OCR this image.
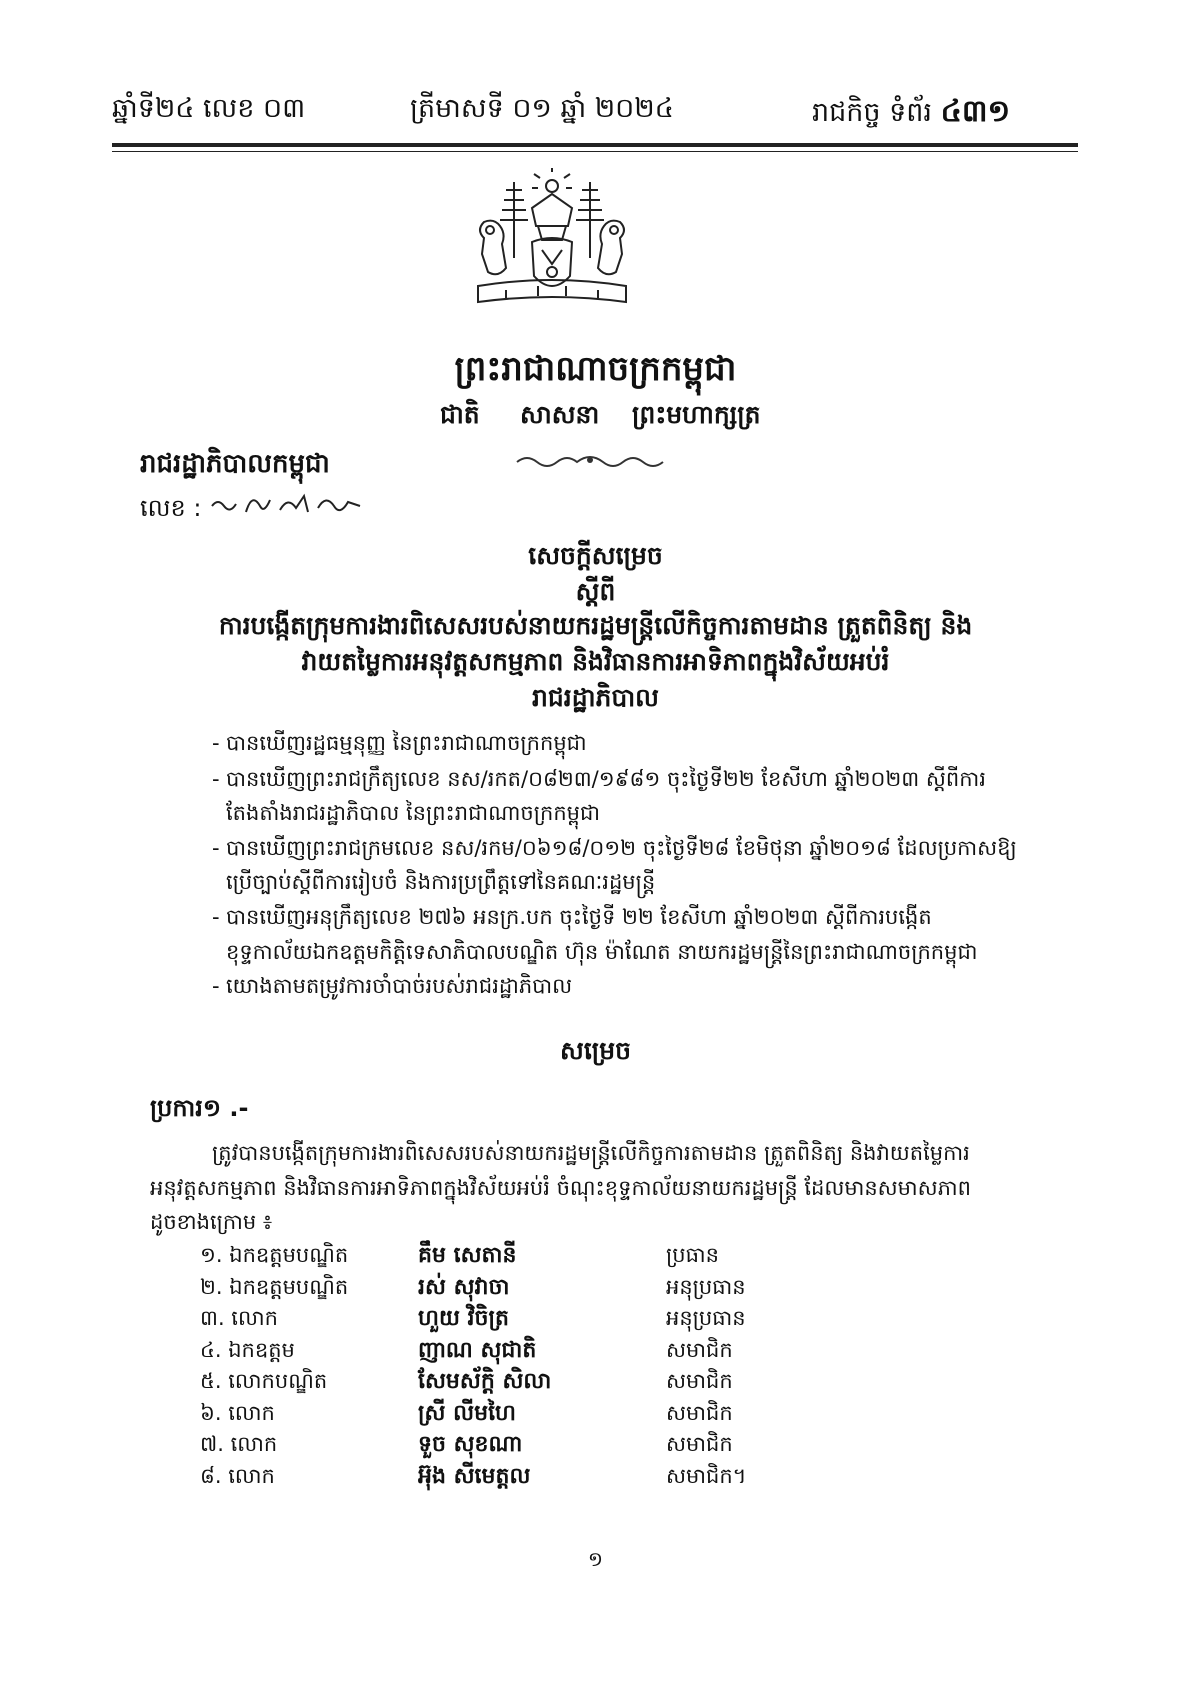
ឆ្នាំទី២៤ លេខ ០៣	ត្រីមាសទី ០១ ឆ្នាំ ២០២៤	រាជកិច្ច ទំព័រ ៤៣១
ព្រះរាជាណាចក្រកម្ពុជា
ជាតិ សាសនា ព្រះមហាក្សត្រ
រាជរដ្ឋាភិបាលកម្ពុជា
លេខ :
សេចក្តីសម្រេច
ស្តីពី
ការបង្កើតក្រុមការងារពិសេសរបស់នាយករដ្ឋមន្ត្រីលើកិច្ចការតាមដាន ត្រួតពិនិត្យ និង
វាយតម្លៃការអនុវត្តសកម្មភាព និងវិធានការអាទិភាពក្នុងវិស័យអប់រំ
រាជរដ្ឋាភិបាល
- បានឃើញរដ្ឋធម្មនុញ្ញ នៃព្រះរាជាណាចក្រកម្ពុជា
- បានឃើញព្រះរាជក្រឹត្យលេខ នស/រកត/០៨២៣/១៩៨១ ចុះថ្ងៃទី២២ ខែសីហា ឆ្នាំ២០២៣ ស្តីពីការ
តែងតាំងរាជរដ្ឋាភិបាល នៃព្រះរាជាណាចក្រកម្ពុជា
- បានឃើញព្រះរាជក្រមលេខ នស/រកម/០៦១៨/០១២ ចុះថ្ងៃទី២៨ ខែមិថុនា ឆ្នាំ២០១៨ ដែលប្រកាសឱ្យ
ប្រើច្បាប់ស្តីពីការរៀបចំ និងការប្រព្រឹត្តទៅនៃគណៈរដ្ឋមន្ត្រី
- បានឃើញអនុក្រឹត្យលេខ ២៧៦ អនក្រ.បក ចុះថ្ងៃទី ២២ ខែសីហា ឆ្នាំ២០២៣ ស្តីពីការបង្កើត
ខុទ្ទកាល័យឯកឧត្តមកិត្តិទេសាភិបាលបណ្ឌិត ហ៊ុន ម៉ាណែត នាយករដ្ឋមន្ត្រីនៃព្រះរាជាណាចក្រកម្ពុជា
- យោងតាមតម្រូវការចាំបាច់របស់រាជរដ្ឋាភិបាល
សម្រេច
ប្រការ១ .-
ត្រូវបានបង្កើតក្រុមការងារពិសេសរបស់នាយករដ្ឋមន្ត្រីលើកិច្ចការតាមដាន ត្រួតពិនិត្យ និងវាយតម្លៃការ
អនុវត្តសកម្មភាព និងវិធានការអាទិភាពក្នុងវិស័យអប់រំ ចំណុះខុទ្ទកាល័យនាយករដ្ឋមន្ត្រី ដែលមានសមាសភាព
ដូចខាងក្រោម ៖
១. ឯកឧត្តមបណ្ឌិត	គឹម សេតានី	ប្រធាន
២. ឯកឧត្តមបណ្ឌិត	រស់ សុវាចា	អនុប្រធាន
៣. លោក	ហួយ វិចិត្រ	អនុប្រធាន
៤. ឯកឧត្តម	ញាណ សុជាតិ	សមាជិក
៥. លោកបណ្ឌិត	សែមស័ក្តិ សិលា	សមាជិក
៦. លោក	ស្រី លីមហៃ	សមាជិក
៧. លោក	ទួច សុខណា	សមាជិក
៨. លោក	អ៊ុង សីមេត្តល	សមាជិក។
១
